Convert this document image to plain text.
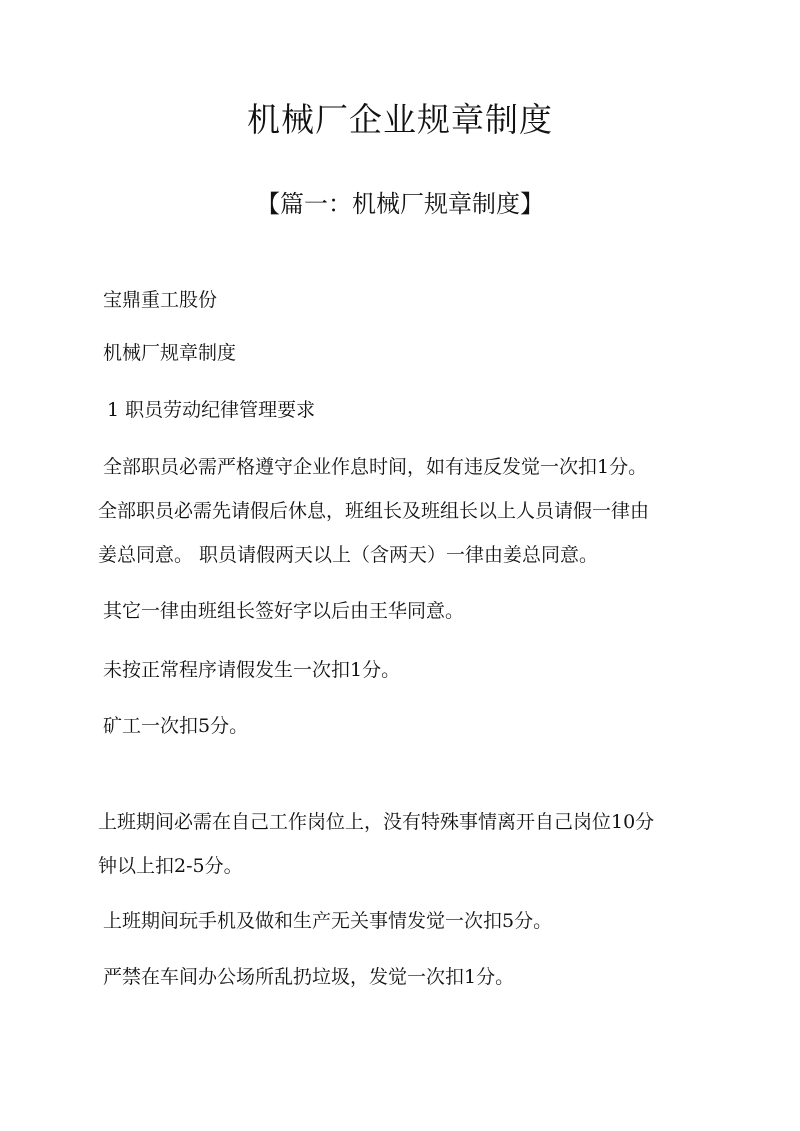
机械厂企业规章制度
【篇一：机械厂规章制度】
宝鼎重工股份
机械厂规章制度
1 职员劳动纪律管理要求
全部职员必需严格遵守企业作息时间，如有违反发觉一次扣1分。
全部职员必需先请假后休息，班组长及班组长以上人员请假一律由
姜总同意。 职员请假两天以上（含两天）一律由姜总同意。
其它一律由班组长签好字以后由王华同意。
未按正常程序请假发生一次扣1分。
矿工一次扣5分。
上班期间必需在自己工作岗位上，没有特殊事情离开自己岗位10分
钟以上扣2-5分。
上班期间玩手机及做和生产无关事情发觉一次扣5分。
严禁在车间办公场所乱扔垃圾，发觉一次扣1分。
